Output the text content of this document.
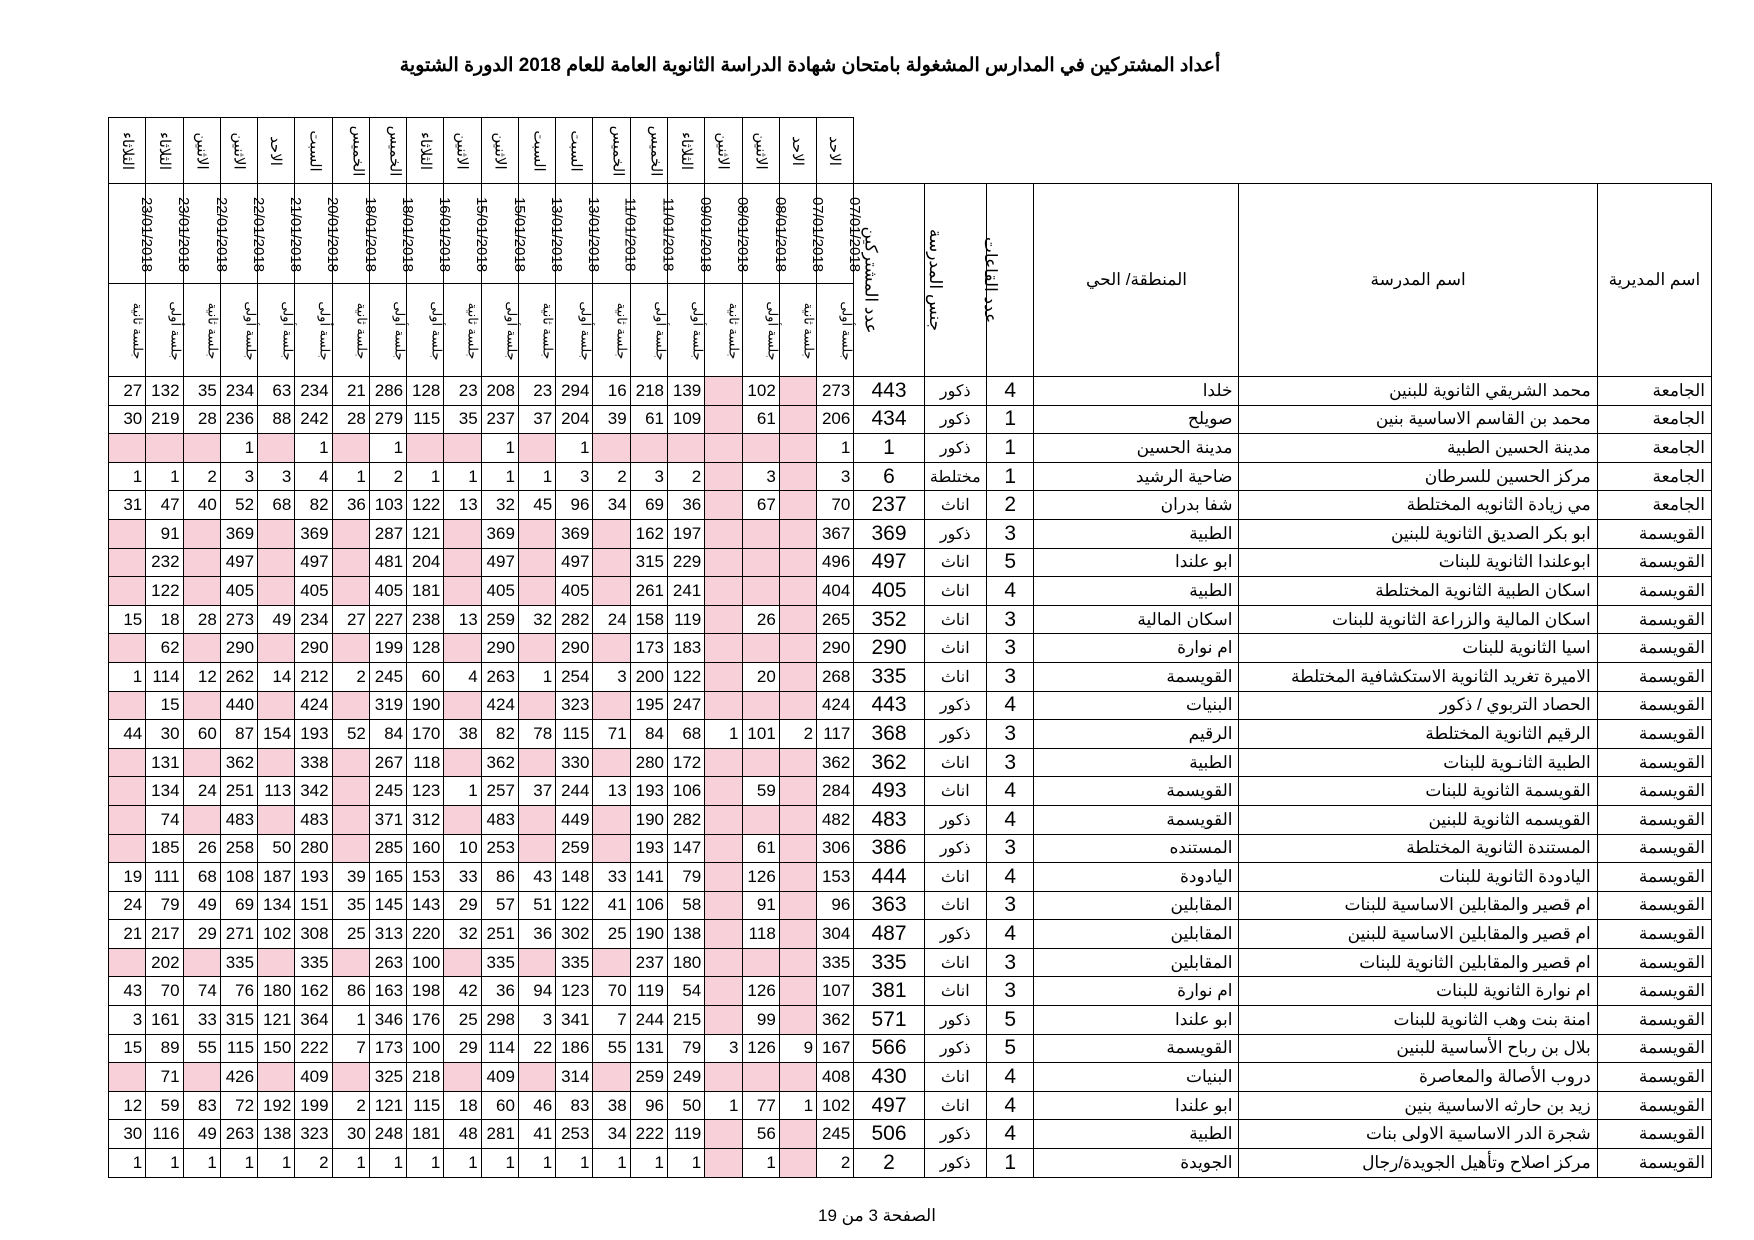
أعداد المشتركين في المدارس المشغولة بامتحان شهادة الدراسة الثانوية العامة للعام 2018 الدورة الشتوية
الثلاثاء	الثلاثاء	الاثنين	الاثنين	الاحد	السبت	الخميس	الخميس	الثلاثاء	الاثنين	الاثنين	السبت	السبت	الخميس	الخميس	الثلاثاء	الاثنين	الاثنين	الاحد	الاحد						
23/01/2018	23/01/2018	22/01/2018	22/01/2018	21/01/2018	20/01/2018	18/01/2018	18/01/2018	16/01/2018	15/01/2018	15/01/2018	13/01/2018	13/01/2018	11/01/2018	11/01/2018	09/01/2018	08/01/2018	08/01/2018	07/01/2018	07/01/2018	عدد المشتركين	جنس المدرسة	عدد القاعات	المنطقة/ الحي	اسم المدرسة	اسم المديرية
جلسة ثانية	جلسة أولى	جلسة ثانية	جلسة أولى	جلسة أولى	جلسة أولى	جلسة ثانية	جلسة أولى	جلسة أولى	جلسة ثانية	جلسة أولى	جلسة ثانية	جلسة أولى	جلسة ثانية	جلسة أولى	جلسة أولى	جلسة ثانية	جلسة أولى	جلسة ثانية	جلسة أولى						
27	132	35	234	63	234	21	286	128	23	208	23	294	16	218	139		102		273	443	ذكور	4	خلدا	محمد الشريقي الثانوية للبنين	الجامعة
30	219	28	236	88	242	28	279	115	35	237	37	204	39	61	109		61		206	434	ذكور	1	صويلح	محمد بن القاسم الاساسية بنين	الجامعة
			1		1		1			1		1							1	1	ذكور	1	مدينة الحسين	مدينة الحسين الطبية	الجامعة
1	1	2	3	3	4	1	2	1	1	1	1	3	2	3	2		3		3	6	مختلطة	1	ضاحية الرشيد	مركز الحسين للسرطان	الجامعة
31	47	40	52	68	82	36	103	122	13	32	45	96	34	69	36		67		70	237	اناث	2	شفا بدران	مي زيادة الثانويه المختلطة	الجامعة
	91		369		369		287	121		369		369		162	197				367	369	ذكور	3	الطبية	ابو بكر الصديق الثانوية للبنين	القويسمة
	232		497		497		481	204		497		497		315	229				496	497	اناث	5	ابو علندا	ابوعلندا الثانوية للبنات	القويسمة
	122		405		405		405	181		405		405		261	241				404	405	اناث	4	الطبية	اسكان الطبية الثانوية المختلطة	القويسمة
15	18	28	273	49	234	27	227	238	13	259	32	282	24	158	119		26		265	352	اناث	3	اسكان المالية	اسكان المالية والزراعة الثانوية للبنات	القويسمة
	62		290		290		199	128		290		290		173	183				290	290	اناث	3	ام نوارة	اسيا الثانوية للبنات	القويسمة
1	114	12	262	14	212	2	245	60	4	263	1	254	3	200	122		20		268	335	اناث	3	القويسمة	الاميرة تغريد الثانوية الاستكشافية المختلطة	القويسمة
	15		440		424		319	190		424		323		195	247				424	443	ذكور	4	البنيات	الحصاد التربوي / ذكور	القويسمة
44	30	60	87	154	193	52	84	170	38	82	78	115	71	84	68	1	101	2	117	368	ذكور	3	الرقيم	الرقيم الثانوية المختلطة	القويسمة
	131		362		338		267	118		362		330		280	172				362	362	اناث	3	الطبية	الطبية الثانـوية للبنات	القويسمة
	134	24	251	113	342		245	123	1	257	37	244	13	193	106		59		284	493	اناث	4	القويسمة	القويسمة الثانوية للبنات	القويسمة
	74		483		483		371	312		483		449		190	282				482	483	ذكور	4	القويسمة	القويسمه الثانوية للبنين	القويسمة
	185	26	258	50	280		285	160	10	253		259		193	147		61		306	386	ذكور	3	المستنده	المستندة الثانوية المختلطة	القويسمة
19	111	68	108	187	193	39	165	153	33	86	43	148	33	141	79		126		153	444	اناث	4	اليادودة	اليادودة الثانوية للبنات	القويسمة
24	79	49	69	134	151	35	145	143	29	57	51	122	41	106	58		91		96	363	اناث	3	المقابلين	ام قصير والمقابلين الاساسية للبنات	القويسمة
21	217	29	271	102	308	25	313	220	32	251	36	302	25	190	138		118		304	487	ذكور	4	المقابلين	ام قصير والمقابلين الاساسية للبنين	القويسمة
	202		335		335		263	100		335		335		237	180				335	335	اناث	3	المقابلين	ام قصير والمقابلين الثانوية للبنات	القويسمة
43	70	74	76	180	162	86	163	198	42	36	94	123	70	119	54		126		107	381	اناث	3	ام نوارة	ام نوارة الثانوية للبنات	القويسمة
3	161	33	315	121	364	1	346	176	25	298	3	341	7	244	215		99		362	571	ذكور	5	ابو علندا	امنة بنت وهب الثانوية للبنات	القويسمة
15	89	55	115	150	222	7	173	100	29	114	22	186	55	131	79	3	126	9	167	566	ذكور	5	القويسمة	بلال بن رباح الأساسية للبنين	القويسمة
	71		426		409		325	218		409		314		259	249				408	430	اناث	4	البنيات	دروب الأصالة والمعاصرة	القويسمة
12	59	83	72	192	199	2	121	115	18	60	46	83	38	96	50	1	77	1	102	497	اناث	4	ابو علندا	زيد بن حارثه الاساسية بنين	القويسمة
30	116	49	263	138	323	30	248	181	48	281	41	253	34	222	119		56		245	506	ذكور	4	الطبية	شجرة الدر الاساسية الاولى بنات	القويسمة
1	1	1	1	1	2	1	1	1	1	1	1	1	1	1	1		1		2	2	ذكور	1	الجويدة	مركز اصلاح وتأهيل الجويدة/رجال	القويسمة
الصفحة 3 من 19
